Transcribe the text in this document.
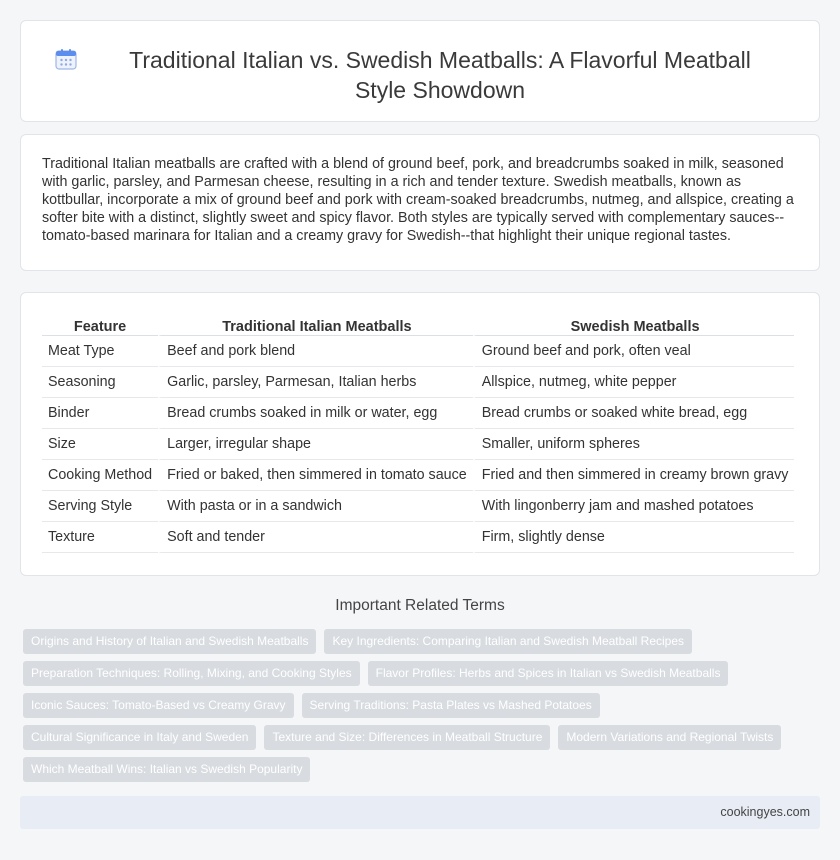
Traditional Italian vs. Swedish Meatballs: A Flavorful Meatball Style Showdown

Traditional Italian meatballs are crafted with a blend of ground beef, pork, and breadcrumbs soaked in milk, seasoned with garlic, parsley, and Parmesan cheese, resulting in a rich and tender texture. Swedish meatballs, known as kottbullar, incorporate a mix of ground beef and pork with cream-soaked breadcrumbs, nutmeg, and allspice, creating a softer bite with a distinct, slightly sweet and spicy flavor. Both styles are typically served with complementary sauces--tomato-based marinara for Italian and a creamy gravy for Swedish--that highlight their unique regional tastes.

Feature	Traditional Italian Meatballs	Swedish Meatballs
Meat Type	Beef and pork blend	Ground beef and pork, often veal
Seasoning	Garlic, parsley, Parmesan, Italian herbs	Allspice, nutmeg, white pepper
Binder	Bread crumbs soaked in milk or water, egg	Bread crumbs or soaked white bread, egg
Size	Larger, irregular shape	Smaller, uniform spheres
Cooking Method	Fried or baked, then simmered in tomato sauce	Fried and then simmered in creamy brown gravy
Serving Style	With pasta or in a sandwich	With lingonberry jam and mashed potatoes
Texture	Soft and tender	Firm, slightly dense
Important Related Terms
Origins and History of Italian and Swedish Meatballs	Key Ingredients: Comparing Italian and Swedish Meatball Recipes
Preparation Techniques: Rolling, Mixing, and Cooking Styles	Flavor Profiles: Herbs and Spices in Italian vs Swedish Meatballs
Iconic Sauces: Tomato-Based vs Creamy Gravy	Serving Traditions: Pasta Plates vs Mashed Potatoes
Cultural Significance in Italy and Sweden	Texture and Size: Differences in Meatball Structure	Modern Variations and Regional Twists
Which Meatball Wins: Italian vs Swedish Popularity
cookingyes.com
